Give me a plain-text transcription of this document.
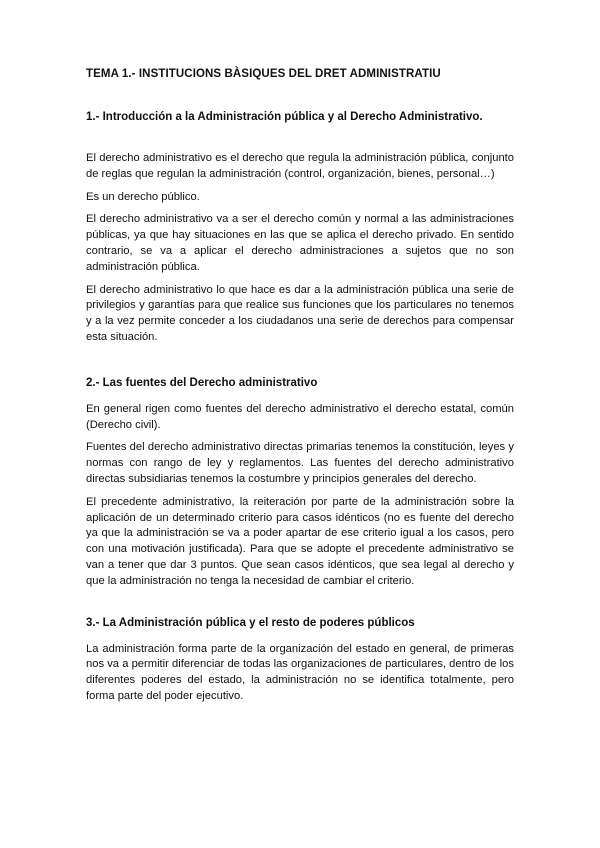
TEMA 1.- INSTITUCIONS BÀSIQUES DEL DRET ADMINISTRATIU
1.- Introducción a la Administración pública y al Derecho Administrativo.

El derecho administrativo es el derecho que regula la administración pública, conjunto de reglas que regulan la administración (control, organización, bienes, personal…)

Es un derecho público.

El derecho administrativo va a ser el derecho común y normal a las administraciones públicas, ya que hay situaciones en las que se aplica el derecho privado. En sentido contrario, se va a aplicar el derecho administraciones a sujetos que no son administración pública.

El derecho administrativo lo que hace es dar a la administración pública una serie de privilegios y garantías para que realice sus funciones que los particulares no tenemos y a la vez permite conceder a los ciudadanos una serie de derechos para compensar esta situación.

2.- Las fuentes del Derecho administrativo

En general rigen como fuentes del derecho administrativo el derecho estatal, común (Derecho civil).

Fuentes del derecho administrativo directas primarias tenemos la constitución, leyes y normas con rango de ley y reglamentos. Las fuentes del derecho administrativo directas subsidiarias tenemos la costumbre y principios generales del derecho.

El precedente administrativo, la reiteración por parte de la administración sobre la aplicación de un determinado criterio para casos idénticos (no es fuente del derecho ya que la administración se va a poder apartar de ese criterio igual a los casos, pero con una motivación justificada). Para que se adopte el precedente administrativo se van a tener que dar 3 puntos. Que sean casos idénticos, que sea legal al derecho y que la administración no tenga la necesidad de cambiar el criterio.

3.- La Administración pública y el resto de poderes públicos

La administración forma parte de la organización del estado en general, de primeras nos va a permitir diferenciar de todas las organizaciones de particulares, dentro de los diferentes poderes del estado, la administración no se identifica totalmente, pero forma parte del poder ejecutivo.
